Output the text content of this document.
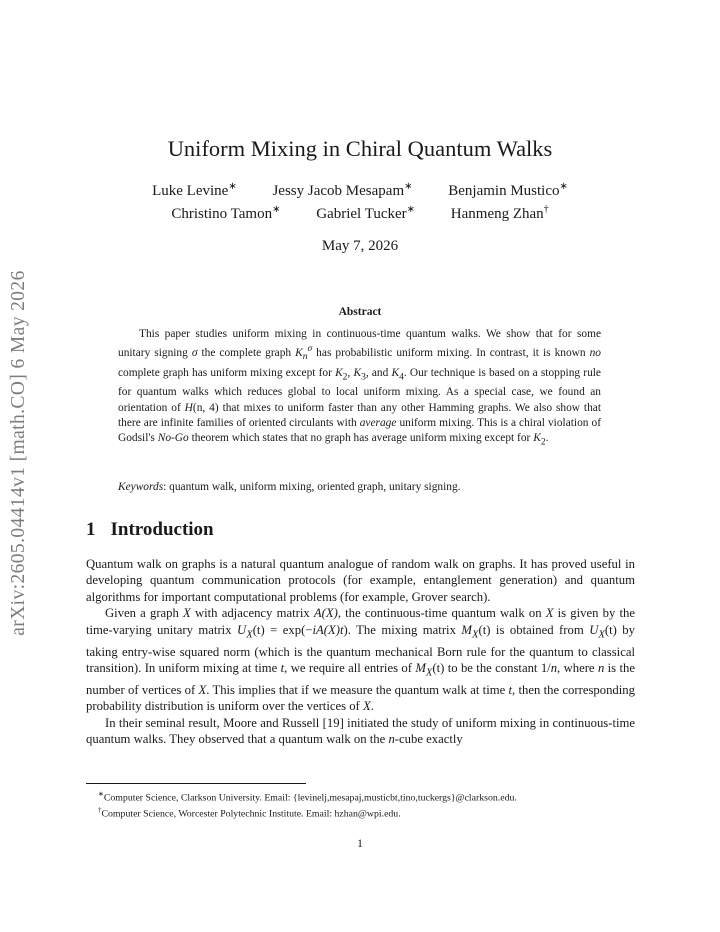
arXiv:2605.04414v1 [math.CO] 6 May 2026
Uniform Mixing in Chiral Quantum Walks
Luke Levine∗ Jessy Jacob Mesapam∗ Benjamin Mustico∗
Christino Tamon∗ Gabriel Tucker∗ Hanmeng Zhan†
May 7, 2026
Abstract

This paper studies uniform mixing in continuous-time quantum walks. We show that for some unitary signing σ the complete graph $K_n^\sigma$ has probabilistic uniform mixing. In contrast, it is known no complete graph has uniform mixing except for $K_2$, $K_3$, and $K_4$. Our technique is based on a stopping rule for quantum walks which reduces global to local uniform mixing. As a special case, we found an orientation of H(n, 4) that mixes to uniform faster than any other Hamming graphs. We also show that there are infinite families of oriented circulants with average uniform mixing. This is a chiral violation of Godsil's No-Go theorem which states that no graph has average uniform mixing except for $K_2$.

Keywords: quantum walk, uniform mixing, oriented graph, unitary signing.

1 Introduction

Quantum walk on graphs is a natural quantum analogue of random walk on graphs. It has proved useful in developing quantum communication protocols (for example, entanglement generation) and quantum algorithms for important computational problems (for example, Grover search).

Given a graph X with adjacency matrix A(X), the continuous-time quantum walk on X is given by the time-varying unitary matrix $U_X(t) = \exp(-iA(X)t)$. The mixing matrix $M_X(t)$ is obtained from $U_X(t)$ by taking entry-wise squared norm (which is the quantum mechanical Born rule for the quantum to classical transition). In uniform mixing at time t, we require all entries of $M_X(t)$ to be the constant 1/n, where n is the number of vertices of X. This implies that if we measure the quantum walk at time t, then the corresponding probability distribution is uniform over the vertices of X.

In their seminal result, Moore and Russell [19] initiated the study of uniform mixing in continuous-time quantum walks. They observed that a quantum walk on the n-cube exactly

∗Computer Science, Clarkson University. Email: {levinelj,mesapaj,musticbt,tino,tuckergs}@clarkson.edu.
†Computer Science, Worcester Polytechnic Institute. Email: hzhan@wpi.edu.
1
